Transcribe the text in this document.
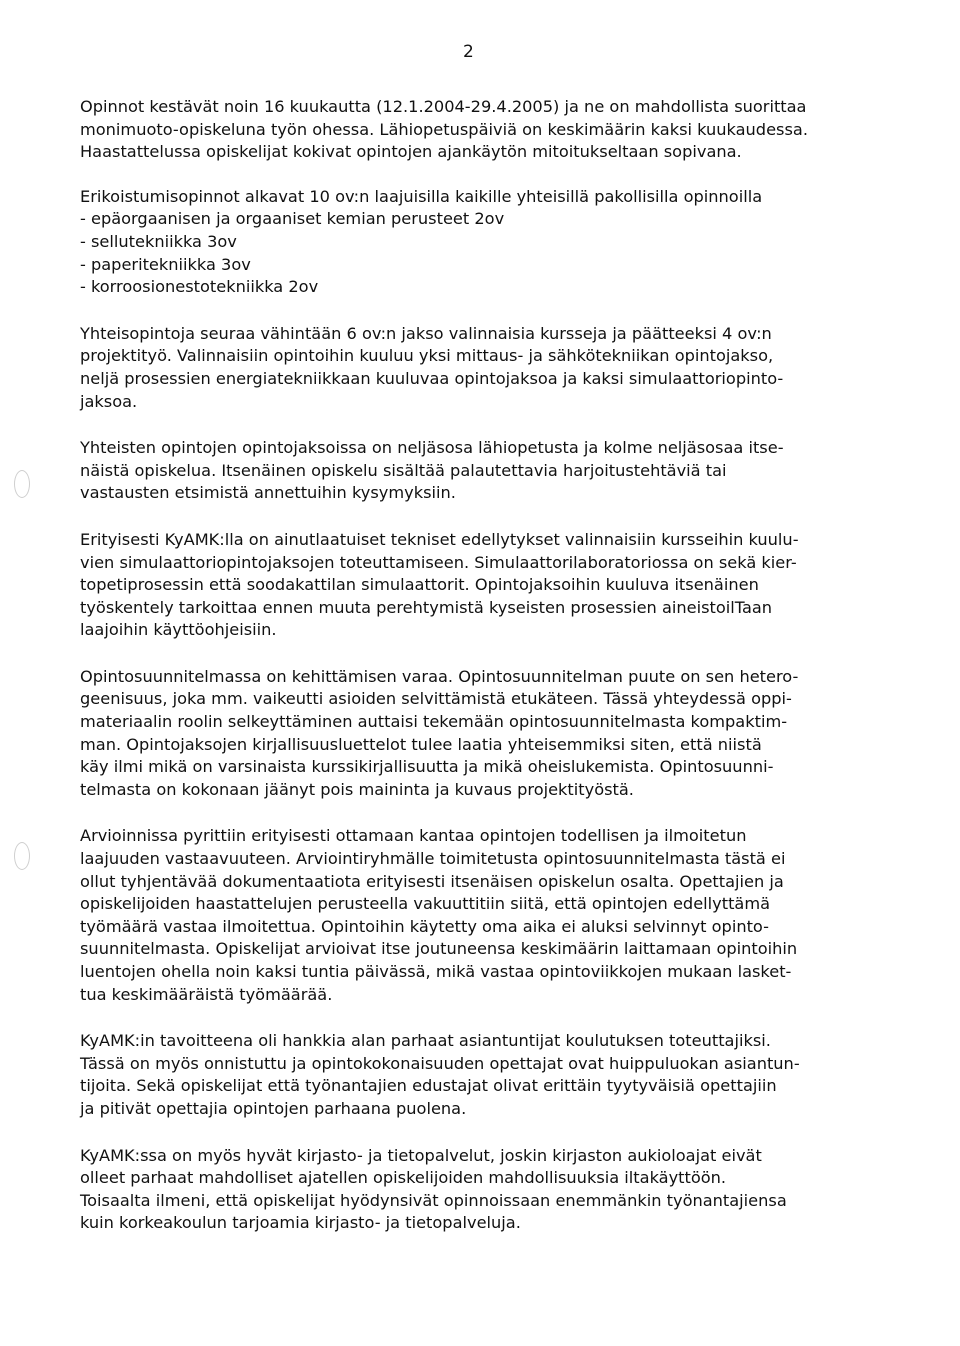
2

Opinnot kestävät noin 16 kuukautta (12.1.2004-29.4.2005) ja ne on mahdollista suorittaa
monimuoto-opiskeluna työn ohessa. Lähiopetuspäiviä on keskimäärin kaksi kuukaudessa.
Haastattelussa opiskelijat kokivat opintojen ajankäytön mitoitukseltaan sopivana.

Erikoistumisopinnot alkavat 10 ov:n laajuisilla kaikille yhteisillä pakollisilla opinnoilla
- epäorgaanisen ja orgaaniset kemian perusteet 2ov
- sellutekniikka 3ov
- paperitekniikka 3ov
- korroosionestotekniikka 2ov

Yhteisopintoja seuraa vähintään 6 ov:n jakso valinnaisia kursseja ja päätteeksi 4 ov:n
projektityö. Valinnaisiin opintoihin kuuluu yksi mittaus- ja sähkötekniikan opintojakso,
neljä prosessien energiatekniikkaan kuuluvaa opintojaksoa ja kaksi simulaattoriopinto-
jaksoa.

Yhteisten opintojen opintojaksoissa on neljäsosa lähiopetusta ja kolme neljäsosaa itse-
näistä opiskelua. Itsenäinen opiskelu sisältää palautettavia harjoitustehtäviä tai
vastausten etsimistä annettuihin kysymyksiin.

Erityisesti KyAMK:lla on ainutlaatuiset tekniset edellytykset valinnaisiin kursseihin kuulu-
vien simulaattoriopintojaksojen toteuttamiseen. Simulaattorilaboratoriossa on sekä kier-
topetiprosessin että soodakattilan simulaattorit. Opintojaksoihin kuuluva itsenäinen
työskentely tarkoittaa ennen muuta perehtymistä kyseisten prosessien aineistoilTaan
laajoihin käyttöohjeisiin.

Opintosuunnitelmassa on kehittämisen varaa. Opintosuunnitelman puute on sen hetero-
geenisuus, joka mm. vaikeutti asioiden selvittämistä etukäteen. Tässä yhteydessä oppi-
materiaalin roolin selkeyttäminen auttaisi tekemään opintosuunnitelmasta kompaktim-
man. Opintojaksojen kirjallisuusluettelot tulee laatia yhteisemmiksi siten, että niistä
käy ilmi mikä on varsinaista kurssikirjallisuutta ja mikä oheislukemista. Opintosuunni-
telmasta on kokonaan jäänyt pois maininta ja kuvaus projektityöstä.

Arvioinnissa pyrittiin erityisesti ottamaan kantaa opintojen todellisen ja ilmoitetun
laajuuden vastaavuuteen. Arviointiryhmälle toimitetusta opintosuunnitelmasta tästä ei
ollut tyhjentävää dokumentaatiota erityisesti itsenäisen opiskelun osalta. Opettajien ja
opiskelijoiden haastattelujen perusteella vakuuttitiin siitä, että opintojen edellyttämä
työmäärä vastaa ilmoitettua. Opintoihin käytetty oma aika ei aluksi selvinnyt opinto-
suunnitelmasta. Opiskelijat arvioivat itse joutuneensa keskimäärin laittamaan opintoihin
luentojen ohella noin kaksi tuntia päivässä, mikä vastaa opintoviikkojen mukaan lasket-
tua keskimääräistä työmäärää.

KyAMK:in tavoitteena oli hankkia alan parhaat asiantuntijat koulutuksen toteuttajiksi.
Tässä on myös onnistuttu ja opintokokonaisuuden opettajat ovat huippuluokan asiantun-
tijoita. Sekä opiskelijat että työnantajien edustajat olivat erittäin tyytyväisiä opettajiin
ja pitivät opettajia opintojen parhaana puolena.

KyAMK:ssa on myös hyvät kirjasto- ja tietopalvelut, joskin kirjaston aukioloajat eivät
olleet parhaat mahdolliset ajatellen opiskelijoiden mahdollisuuksia iltakäyttöön.
Toisaalta ilmeni, että opiskelijat hyödynsivät opinnoissaan enemmänkin työnantajiensa
kuin korkeakoulun tarjoamia kirjasto- ja tietopalveluja.
